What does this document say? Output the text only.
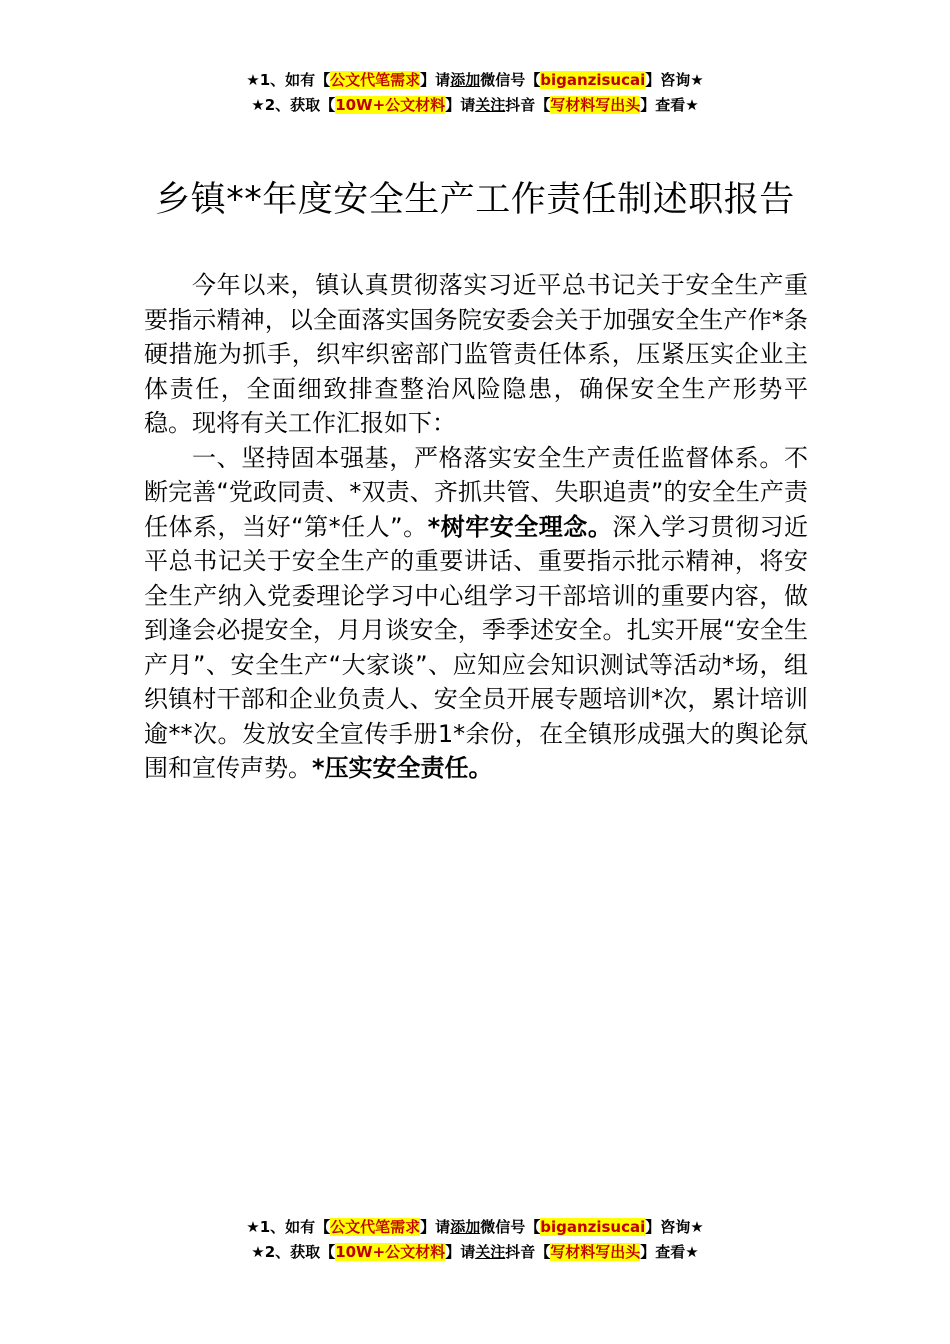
★1、如有【公文代笔需求】请添加微信号【biganzisucai】咨询★
★2、获取【10W+公文材料】请关注抖音【写材料写出头】查看★
乡镇**年度安全生产工作责任制述职报告

今年以来，镇认真贯彻落实习近平总书记关于安全生产重要指示精神，以全面落实国务院安委会关于加强安全生产作*条硬措施为抓手，织牢织密部门监管责任体系，压紧压实企业主体责任，全面细致排查整治风险隐患，确保安全生产形势平稳。现将有关工作汇报如下：

一、坚持固本强基，严格落实安全生产责任监督体系。不断完善“党政同责、*双责、齐抓共管、失职追责”的安全生产责任体系，当好“第*任人”。*树牢安全理念。深入学习贯彻习近平总书记关于安全生产的重要讲话、重要指示批示精神，将安全生产纳入党委理论学习中心组学习干部培训的重要内容，做到逢会必提安全，月月谈安全，季季述安全。扎实开展“安全生产月”、安全生产“大家谈”、应知应会知识测试等活动*场，组织镇村干部和企业负责人、安全员开展专题培训*次，累计培训逾**次。发放安全宣传手册1*余份，在全镇形成强大的舆论氛围和宣传声势。*压实安全责任。

★1、如有【公文代笔需求】请添加微信号【biganzisucai】咨询★
★2、获取【10W+公文材料】请关注抖音【写材料写出头】查看★
